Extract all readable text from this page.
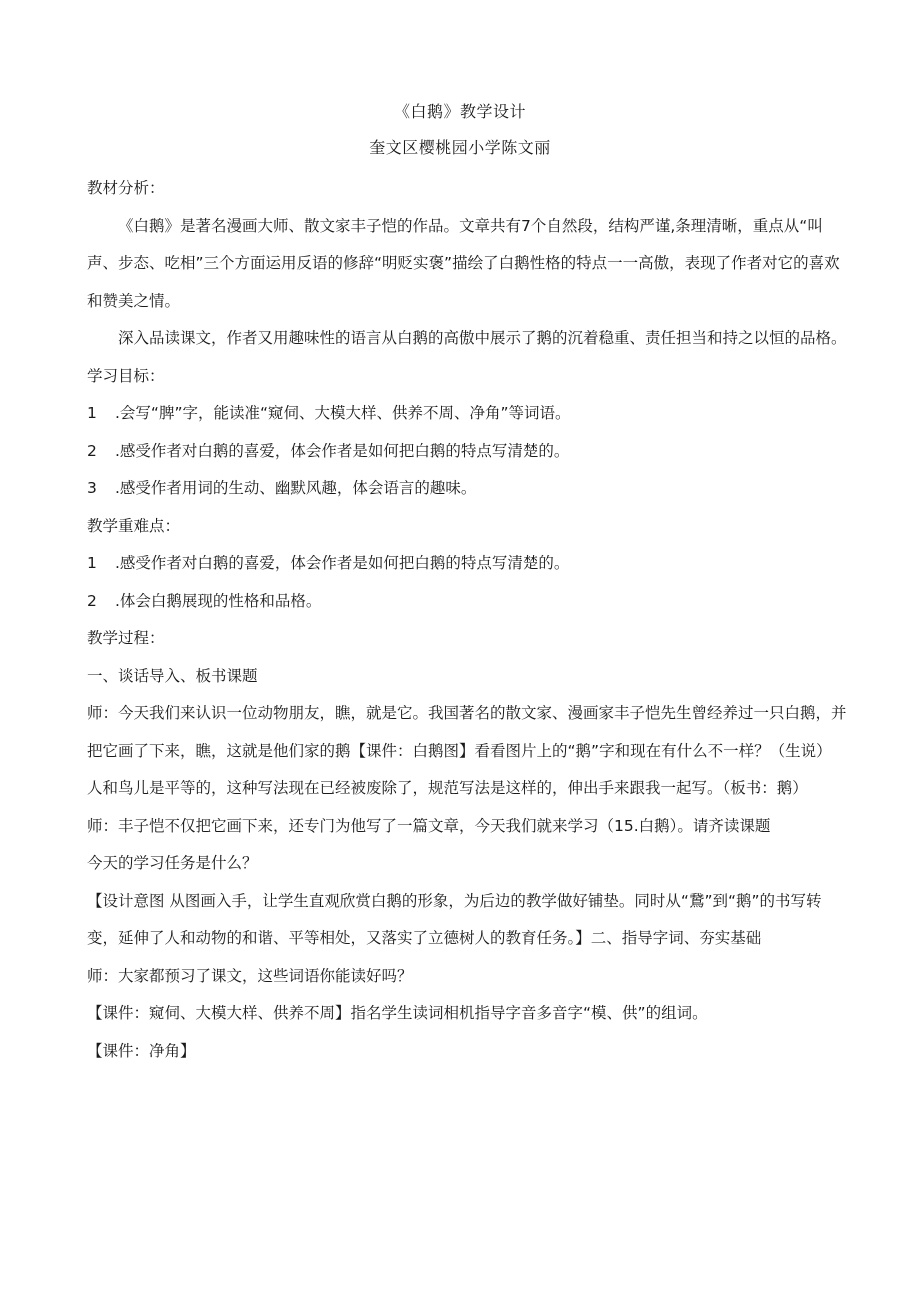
《白鹅》教学设计
奎文区樱桃园小学陈文丽

教材分析：

《白鹅》是著名漫画大师、散文家丰子恺的作品。文章共有7个自然段，结构严谨,条理清晰，重点从“叫声、步态、吃相”三个方面运用反语的修辞“明贬实褒”描绘了白鹅性格的特点一一高傲，表现了作者对它的喜欢和赞美之情。

深入品读课文，作者又用趣味性的语言从白鹅的高傲中展示了鹅的沉着稳重、责任担当和持之以恒的品格。

学习目标：

1 .会写“脾”字，能读准“窥伺、大模大样、供养不周、净角”等词语。

2 .感受作者对白鹅的喜爱，体会作者是如何把白鹅的特点写清楚的。

3 .感受作者用词的生动、幽默风趣，体会语言的趣味。

教学重难点：

1 .感受作者对白鹅的喜爱，体会作者是如何把白鹅的特点写清楚的。

2 .体会白鹅展现的性格和品格。

教学过程：

一、谈话导入、板书课题

师：今天我们来认识一位动物朋友，瞧，就是它。我国著名的散文家、漫画家丰子恺先生曾经养过一只白鹅，并把它画了下来，瞧，这就是他们家的鹅【课件：白鹅图】看看图片上的“鹅”字和现在有什么不一样？（生说）人和鸟儿是平等的，这种写法现在已经被废除了，规范写法是这样的，伸出手来跟我一起写。（板书：鹅）

师：丰子恺不仅把它画下来，还专门为他写了一篇文章，今天我们就来学习（15.白鹅）。请齐读课题

今天的学习任务是什么？

【设计意图 从图画入手，让学生直观欣赏白鹅的形象，为后边的教学做好铺垫。同时从“鵞”到“鹅”的书写转变，延伸了人和动物的和谐、平等相处，又落实了立德树人的教育任务。】二、指导字词、夯实基础

师：大家都预习了课文，这些词语你能读好吗？

【课件：窥伺、大模大样、供养不周】指名学生读词相机指导字音多音字“模、供”的组词。

【课件：净角】
